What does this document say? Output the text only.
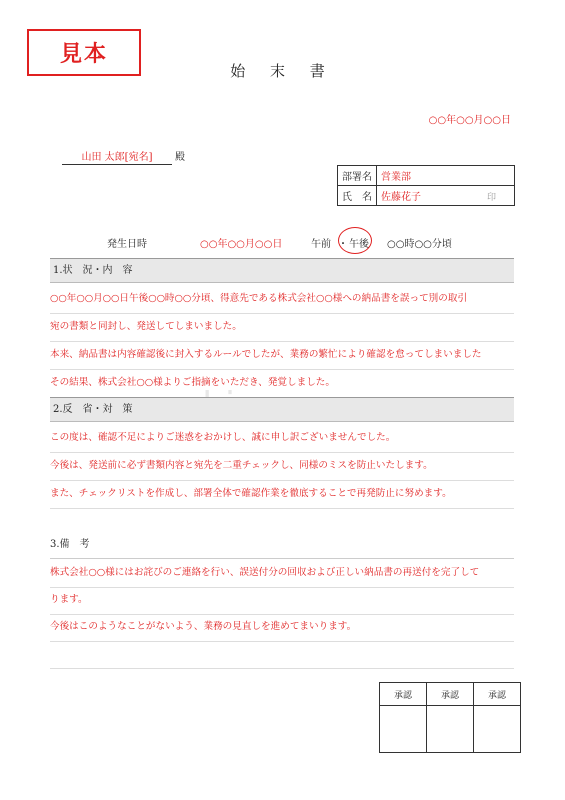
見本
始 末 書
○○年○○月○○日
山田 太郎[宛名]	殿
部署名	営業部
氏　名	佐藤花子 印
発生日時	○○年○○月○○日	午前 ・ 午後 ○○時○○分頃
1.状　況・内　容
○○年○○月○○日午後○○時○○分頃、得意先である株式会社○○様への納品書を誤って別の取引
宛の書類と同封し、発送してしまいました。
本来、納品書は内容確認後に封入するルールでしたが、業務の繁忙により確認を怠ってしまいました
その結果、株式会社○○様よりご指摘をいただき、発覚しました。
2.反　省・対　策
この度は、確認不足によりご迷惑をおかけし、誠に申し訳ございませんでした。
今後は、発送前に必ず書類内容と宛先を二重チェックし、同様のミスを防止いたします。
また、チェックリストを作成し、部署全体で確認作業を徹底することで再発防止に努めます。
3.備　考
株式会社○○様にはお詫びのご連絡を行い、誤送付分の回収および正しい納品書の再送付を完了して
ります。
今後はこのようなことがないよう、業務の見直しを進めてまいります。
承認	承認	承認
